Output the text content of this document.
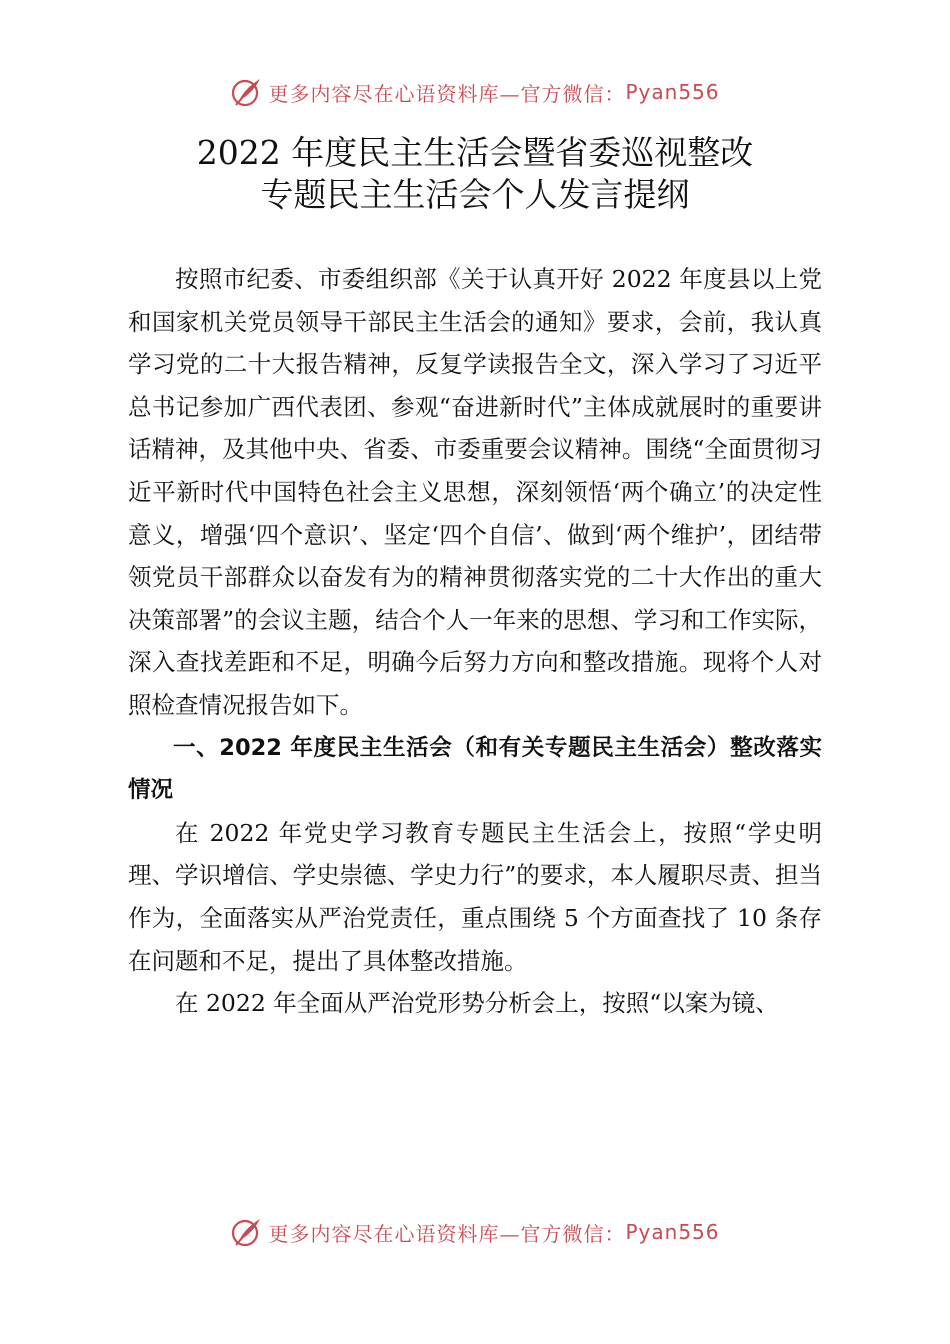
更多内容尽在心语资料库—官方微信： Pyan556
2022 年度民主生活会暨省委巡视整改
专题民主生活会个人发言提纲

按照市纪委、市委组织部《关于认真开好 2022 年度县以上党和国家机关党员领导干部民主生活会的通知》要求，会前，我认真学习党的二十大报告精神，反复学读报告全文，深入学习了习近平总书记参加广西代表团、参观“奋进新时代”主体成就展时的重要讲话精神，及其他中央、省委、市委重要会议精神。围绕“全面贯彻习近平新时代中国特色社会主义思想，深刻领悟‘两个确立’的决定性意义，增强‘四个意识’、坚定‘四个自信’、做到‘两个维护’，团结带领党员干部群众以奋发有为的精神贯彻落实党的二十大作出的重大决策部署”的会议主题，结合个人一年来的思想、学习和工作实际，深入查找差距和不足，明确今后努力方向和整改措施。现将个人对照检查情况报告如下。

一、2022 年度民主生活会（和有关专题民主生活会）整改落实情况

在 2022 年党史学习教育专题民主生活会上，按照“学史明理、学识增信、学史崇德、学史力行”的要求，本人履职尽责、担当作为，全面落实从严治党责任，重点围绕 5 个方面查找了 10 条存在问题和不足，提出了具体整改措施。

在 2022 年全面从严治党形势分析会上，按照“以案为镜、

更多内容尽在心语资料库—官方微信： Pyan556
